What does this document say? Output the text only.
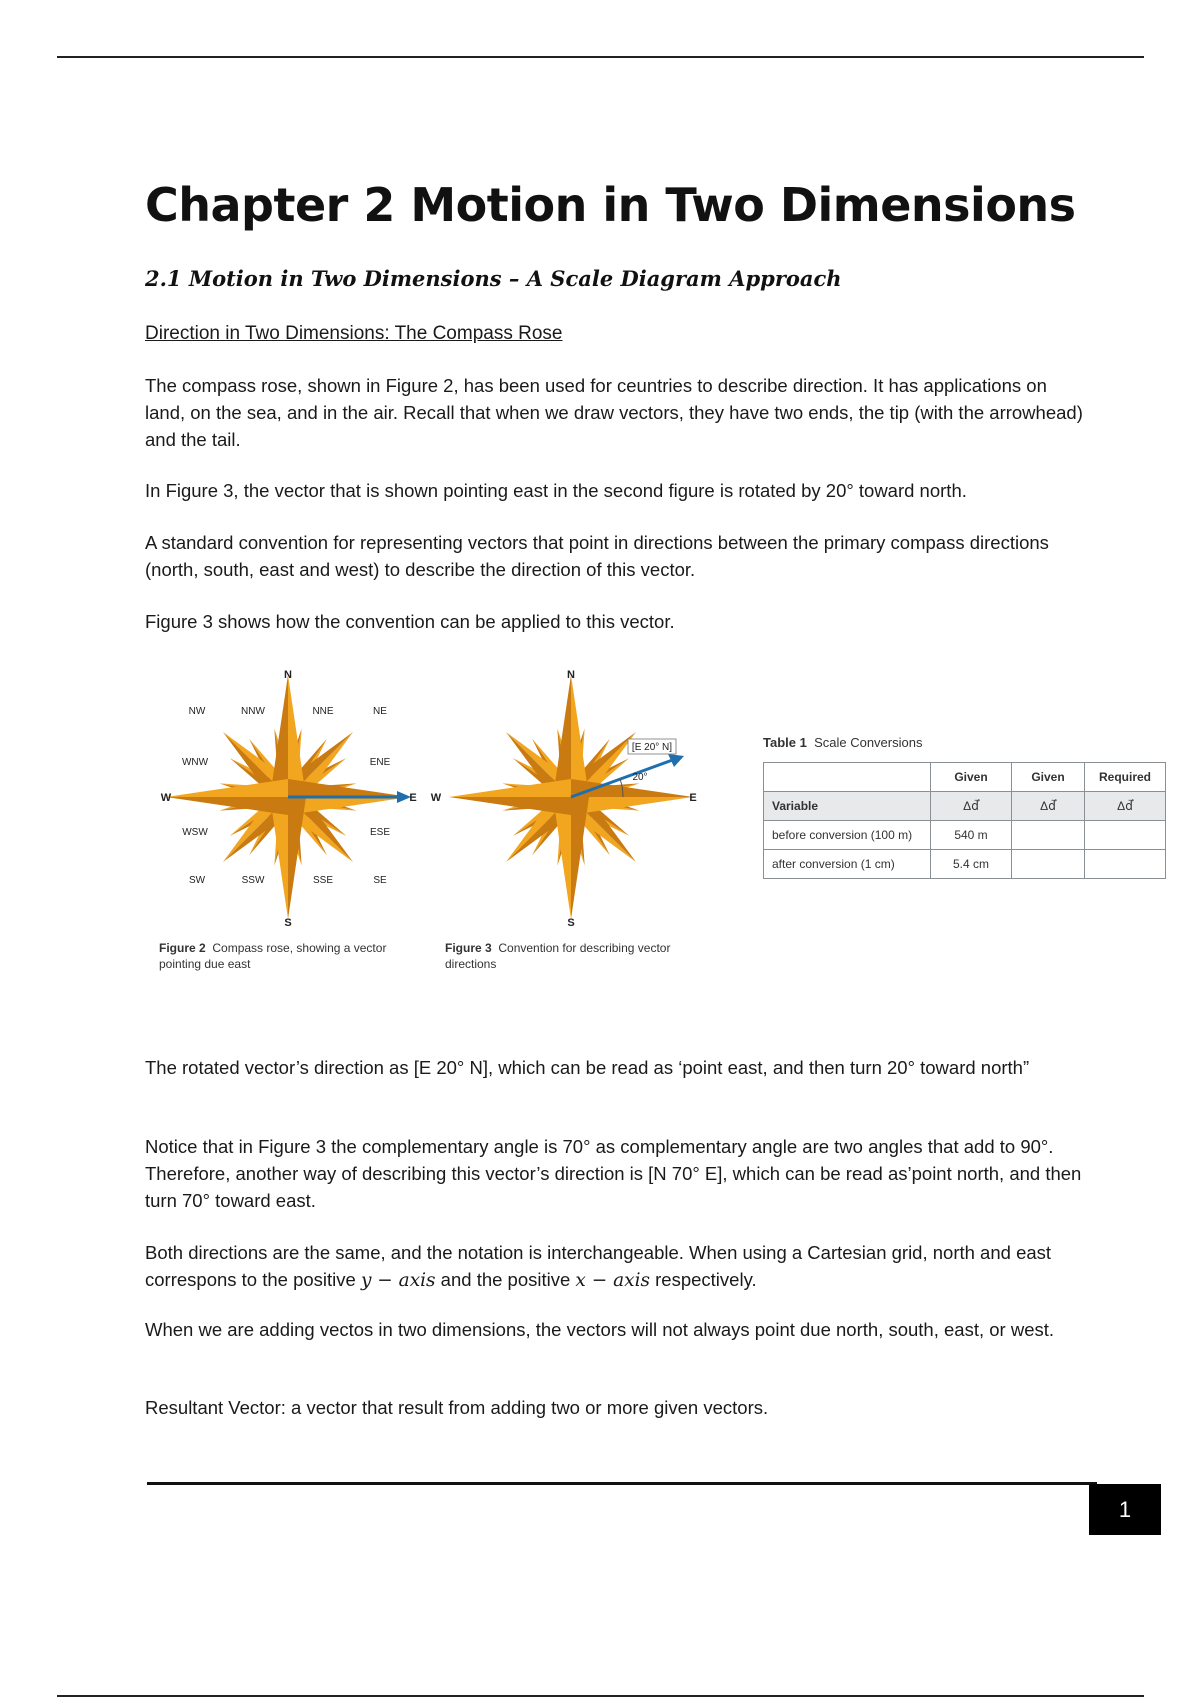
Chapter 2 Motion in Two Dimensions
2.1 Motion in Two Dimensions – A Scale Diagram Approach
Direction in Two Dimensions: The Compass Rose

The compass rose, shown in Figure 2, has been used for ceuntries to describe direction. It has applications on land, on the sea, and in the air. Recall that when we draw vectors, they have two ends, the tip (with the arrowhead) and the tail.

In Figure 3, the vector that is shown pointing east in the second figure is rotated by 20° toward north.

A standard convention for representing vectors that point in directions between the primary compass directions (north, south, east and west) to describe the direction of this vector.

Figure 3 shows how the convention can be applied to this vector.

N
S
E
W
NW	NNW	NNE	NE
WNW	ENE
WSW	ESE
SW	SSW	SSE	SE
Figure 2 Compass rose, showing a vector pointing due east
[E 20° N]
20°
N
S
E
W
Figure 3 Convention for describing vector directions
Table 1 Scale Conversions
	Given	Given	Required
Variable	Δd⃗	Δd⃗	Δd⃗
before conversion (100 m)	540 m		
after conversion (1 cm)	5.4 cm		

The rotated vector’s direction as [E 20° N], which can be read as ‘point east, and then turn 20° toward north”

Notice that in Figure 3 the complementary angle is 70° as complementary angle are two angles that add to 90°. Therefore, another way of describing this vector’s direction is [N 70° E], which can be read as’point north, and then turn 70° toward east.

Both directions are the same, and the notation is interchangeable. When using a Cartesian grid, north and east correspons to the positive y − axis and the positive x − axis respectively.

When we are adding vectos in two dimensions, the vectors will not always point due north, south, east, or west.

Resultant Vector: a vector that result from adding two or more given vectors.

1
